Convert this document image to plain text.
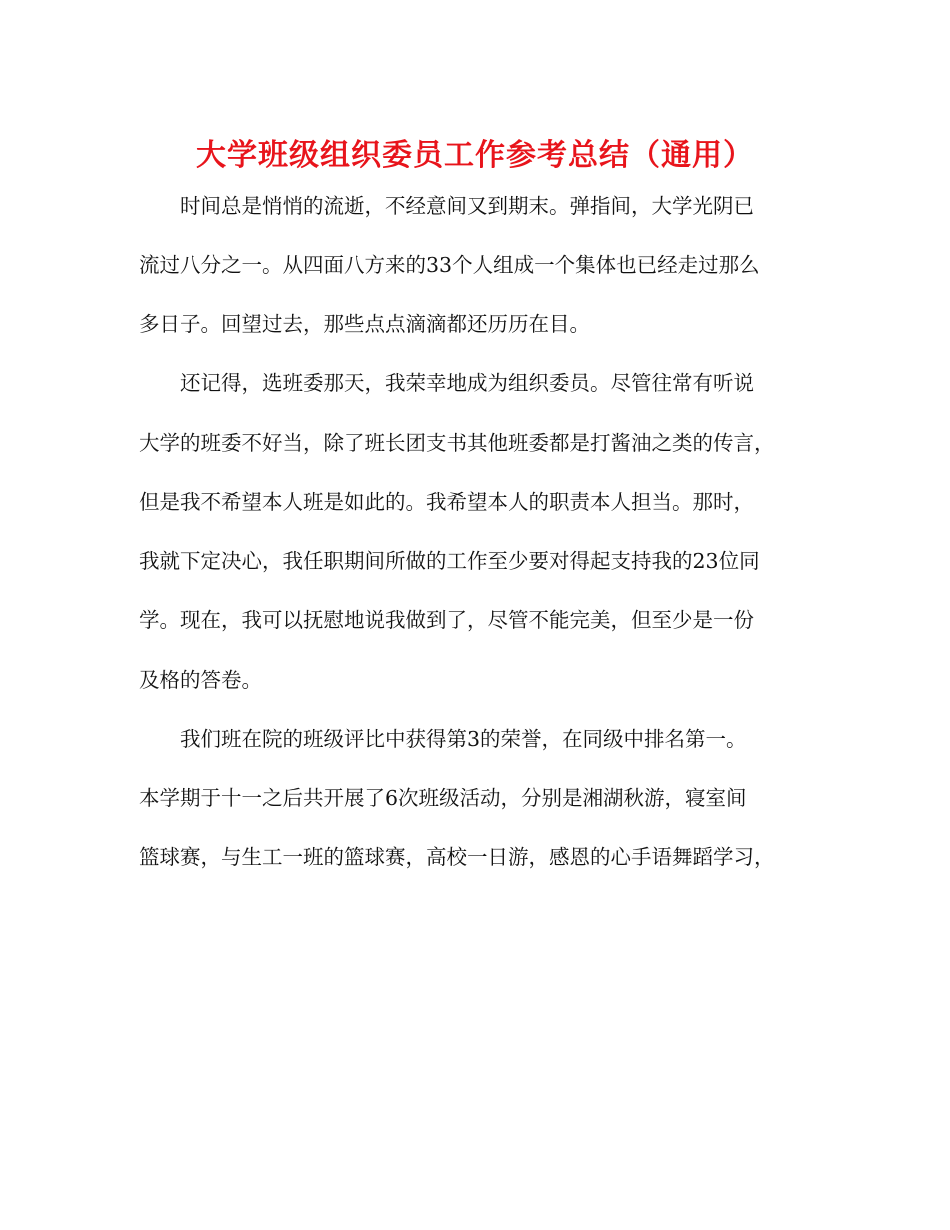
大学班级组织委员工作参考总结（通用）

时间总是悄悄的流逝，不经意间又到期末。弹指间，大学光阴已

流过八分之一。从四面八方来的33个人组成一个集体也已经走过那么

多日子。回望过去，那些点点滴滴都还历历在目。

还记得，选班委那天，我荣幸地成为组织委员。尽管往常有听说

大学的班委不好当，除了班长团支书其他班委都是打酱油之类的传言，

但是我不希望本人班是如此的。我希望本人的职责本人担当。那时，

我就下定决心，我任职期间所做的工作至少要对得起支持我的23位同

学。现在，我可以抚慰地说我做到了，尽管不能完美，但至少是一份

及格的答卷。

我们班在院的班级评比中获得第3的荣誉，在同级中排名第一。

本学期于十一之后共开展了6次班级活动，分别是湘湖秋游，寝室间

篮球赛，与生工一班的篮球赛，高校一日游，感恩的心手语舞蹈学习，
